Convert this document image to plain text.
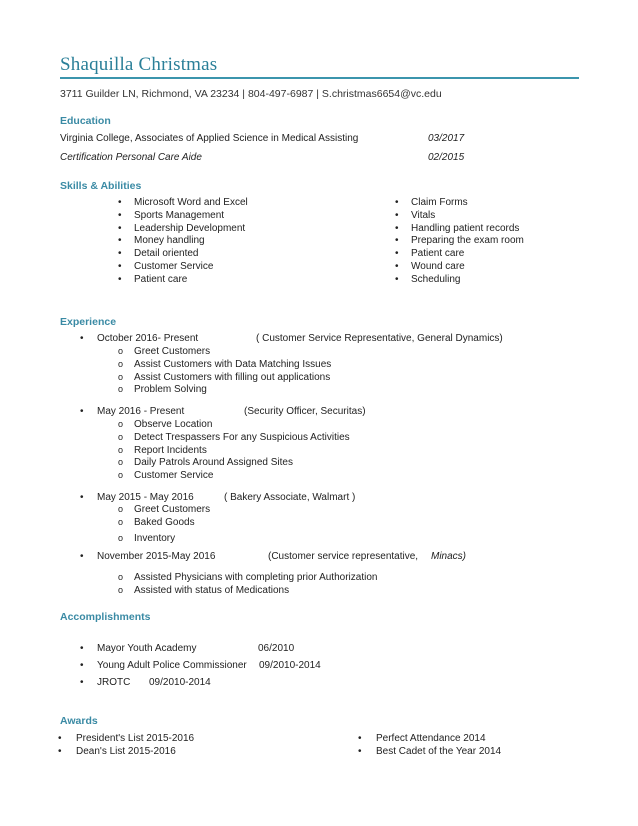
Shaquilla Christmas
3711 Guilder LN, Richmond, VA 23234 | 804-497-6987 | S.christmas6654@vc.edu
Education
Virginia College, Associates of Applied Science in Medical Assisting	03/2017
Certification Personal Care Aide	02/2015
Skills & Abilities
• Microsoft Word and Excel
• Sports Management
• Leadership Development
• Money handling
• Detail oriented
• Customer Service
• Patient care
• Claim Forms
• Vitals
• Handling patient records
• Preparing the exam room
• Patient care
• Wound care
• Scheduling
Experience
• October 2016- Present	( Customer Service Representative, General Dynamics)
o Greet Customers
o Assist Customers with Data Matching Issues
o Assist Customers with filling out applications
o Problem Solving
• May 2016 - Present	(Security Officer, Securitas)
o Observe Location
o Detect Trespassers For any Suspicious Activities
o Report Incidents
o Daily Patrols Around Assigned Sites
o Customer Service
• May 2015 - May 2016	( Bakery Associate, Walmart )
o Greet Customers
o Baked Goods
o Inventory
• November 2015-May 2016	(Customer service representative, Minacs)
o Assisted Physicians with completing prior Authorization
o Assisted with status of Medications
Accomplishments
• Mayor Youth Academy	06/2010
• Young Adult Police Commissioner 09/2010-2014
• JROTC 09/2010-2014
Awards
• President's List 2015-2016
• Dean's List 2015-2016
• Perfect Attendance 2014
• Best Cadet of the Year 2014
